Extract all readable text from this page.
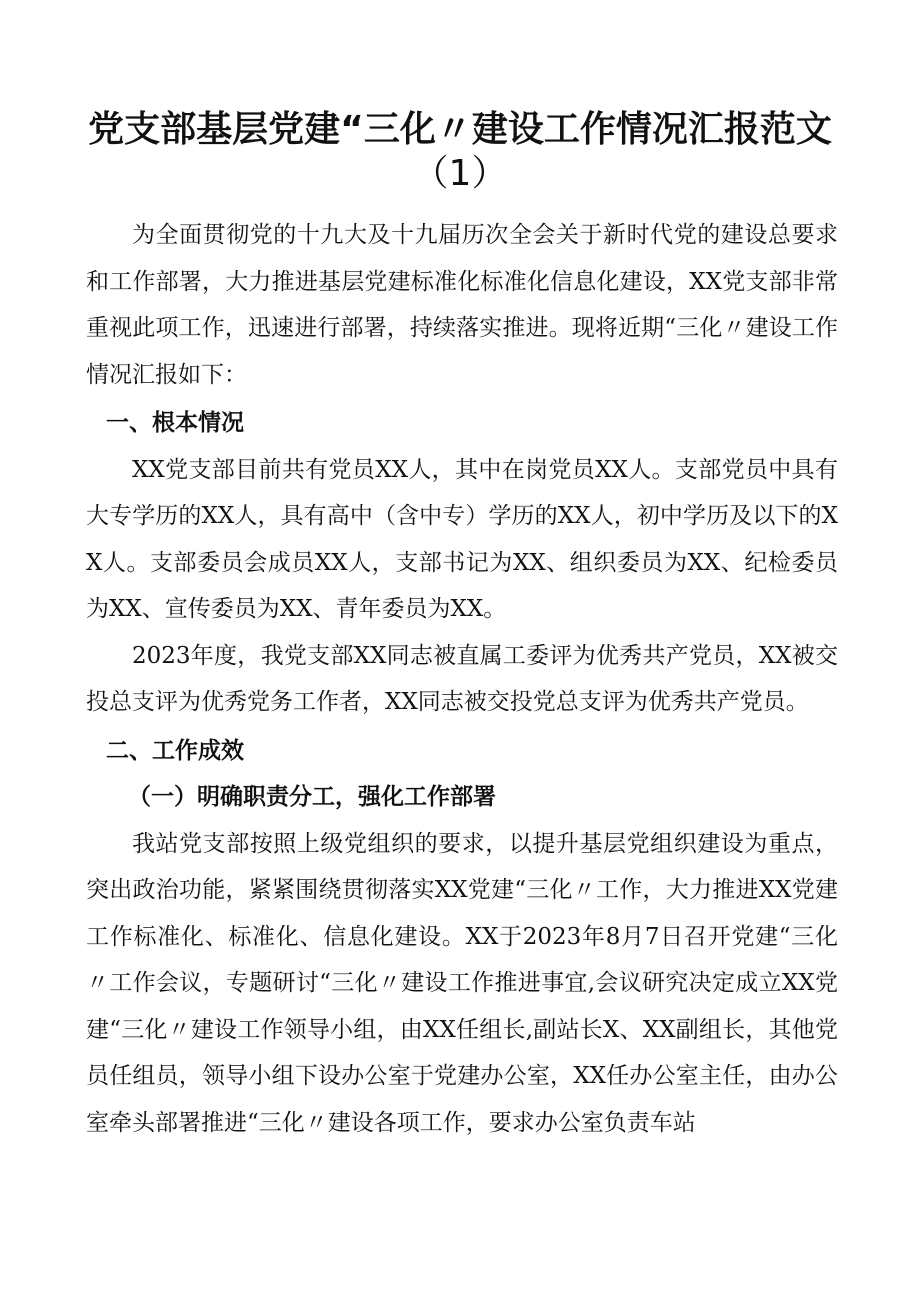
党支部基层党建“三化〃建设工作情况汇报范文
（1）

为全面贯彻党的十九大及十九届历次全会关于新时代党的建设总要求和工作部署，大力推进基层党建标准化标准化信息化建设，XX党支部非常重视此项工作，迅速进行部署，持续落实推进。现将近期“三化〃建设工作情况汇报如下：

一、根本情况

XX党支部目前共有党员XX人，其中在岗党员XX人。支部党员中具有大专学历的XX人，具有高中（含中专）学历的XX人，初中学历及以下的XX人。支部委员会成员XX人，支部书记为XX、组织委员为XX、纪检委员为XX、宣传委员为XX、青年委员为XX。

2023年度，我党支部XX同志被直属工委评为优秀共产党员，XX被交投总支评为优秀党务工作者，XX同志被交投党总支评为优秀共产党员。

二、工作成效
（一）明确职责分工，强化工作部署

我站党支部按照上级党组织的要求，以提升基层党组织建设为重点，突出政治功能，紧紧围绕贯彻落实XX党建“三化〃工作，大力推进XX党建工作标准化、标准化、信息化建设。XX于2023年8月7日召开党建“三化〃工作会议，专题研讨“三化〃建设工作推进事宜,会议研究决定成立XX党建“三化〃建设工作领导小组，由XX任组长,副站长X、XX副组长，其他党员任组员，领导小组下设办公室于党建办公室，XX任办公室主任，由办公室牵头部署推进“三化〃建设各项工作，要求办公室负责车站
